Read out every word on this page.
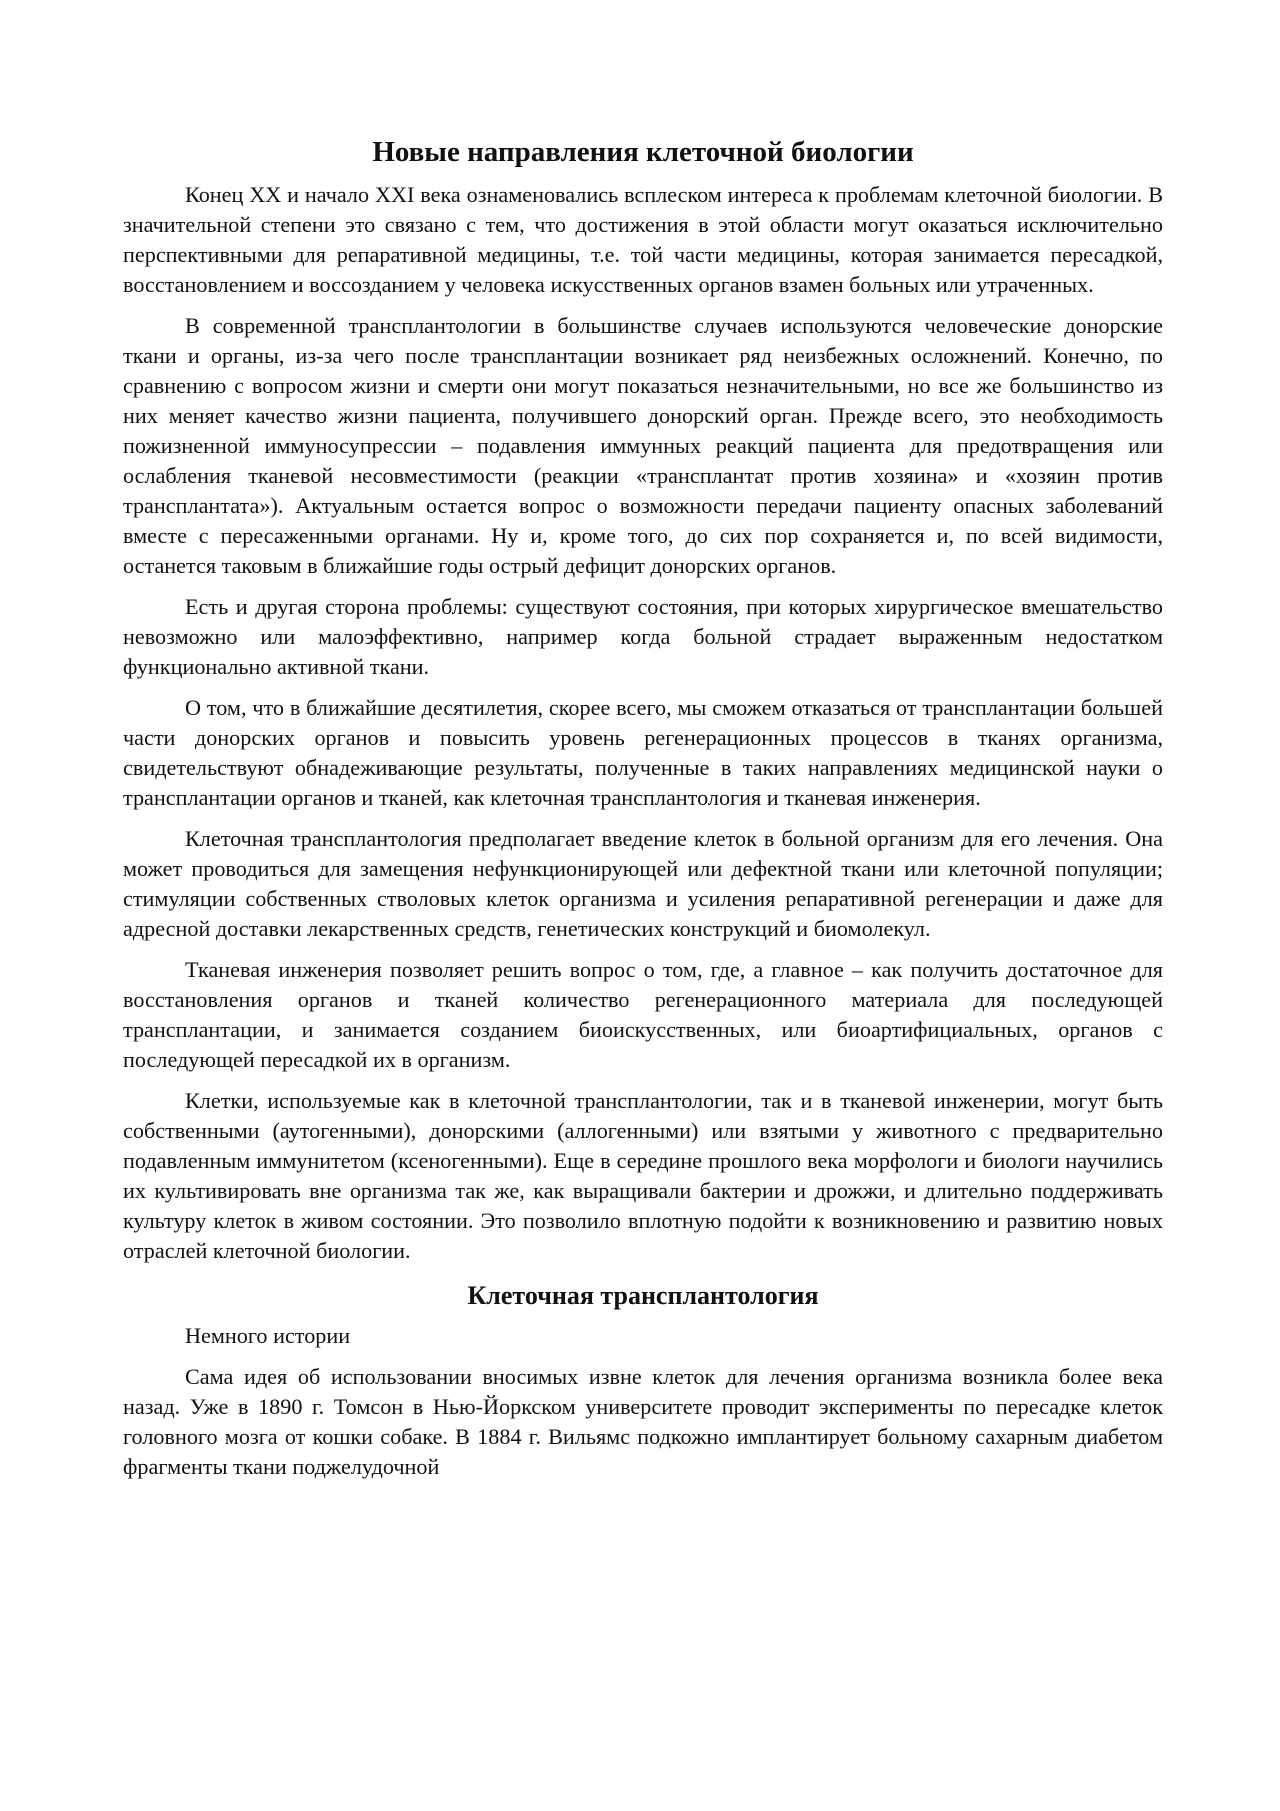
Новые направления клеточной биологии

Конец XX и начало XXI века ознаменовались всплеском интереса к проблемам клеточной биологии. В значительной степени это связано с тем, что достижения в этой области могут оказаться исключительно перспективными для репаративной медицины, т.е. той части медицины, которая занимается пересадкой, восстановлением и воссозданием у человека искусственных органов взамен больных или утраченных.

В современной трансплантологии в большинстве случаев используются человеческие донорские ткани и органы, из-за чего после трансплантации возникает ряд неизбежных осложнений. Конечно, по сравнению с вопросом жизни и смерти они могут показаться незначительными, но все же большинство из них меняет качество жизни пациента, получившего донорский орган. Прежде всего, это необходимость пожизненной иммуносупрессии – подавления иммунных реакций пациента для предотвращения или ослабления тканевой несовместимости (реакции «трансплантат против хозяина» и «хозяин против трансплантата»). Актуальным остается вопрос о возможности передачи пациенту опасных заболеваний вместе с пересаженными органами. Ну и, кроме того, до сих пор сохраняется и, по всей видимости, останется таковым в ближайшие годы острый дефицит донорских органов.

Есть и другая сторона проблемы: существуют состояния, при которых хирургическое вмешательство невозможно или малоэффективно, например когда больной страдает выраженным недостатком функционально активной ткани.

О том, что в ближайшие десятилетия, скорее всего, мы сможем отказаться от трансплантации большей части донорских органов и повысить уровень регенерационных процессов в тканях организма, свидетельствуют обнадеживающие результаты, полученные в таких направлениях медицинской науки о трансплантации органов и тканей, как клеточная трансплантология и тканевая инженерия.

Клеточная трансплантология предполагает введение клеток в больной организм для его лечения. Она может проводиться для замещения нефункционирующей или дефектной ткани или клеточной популяции; стимуляции собственных стволовых клеток организма и усиления репаративной регенерации и даже для адресной доставки лекарственных средств, генетических конструкций и биомолекул.

Тканевая инженерия позволяет решить вопрос о том, где, а главное – как получить достаточное для восстановления органов и тканей количество регенерационного материала для последующей трансплантации, и занимается созданием биоискусственных, или биоартифициальных, органов с последующей пересадкой их в организм.

Клетки, используемые как в клеточной трансплантологии, так и в тканевой инженерии, могут быть собственными (аутогенными), донорскими (аллогенными) или взятыми у животного с предварительно подавленным иммунитетом (ксеногенными). Еще в середине прошлого века морфологи и биологи научились их культивировать вне организма так же, как выращивали бактерии и дрожжи, и длительно поддерживать культуру клеток в живом состоянии. Это позволило вплотную подойти к возникновению и развитию новых отраслей клеточной биологии.

Клеточная трансплантология

Немного истории

Сама идея об использовании вносимых извне клеток для лечения организма возникла более века назад. Уже в 1890 г. Томсон в Нью-Йоркском университете проводит эксперименты по пересадке клеток головного мозга от кошки собаке. В 1884 г. Вильямс подкожно имплантирует больному сахарным диабетом фрагменты ткани поджелудочной
